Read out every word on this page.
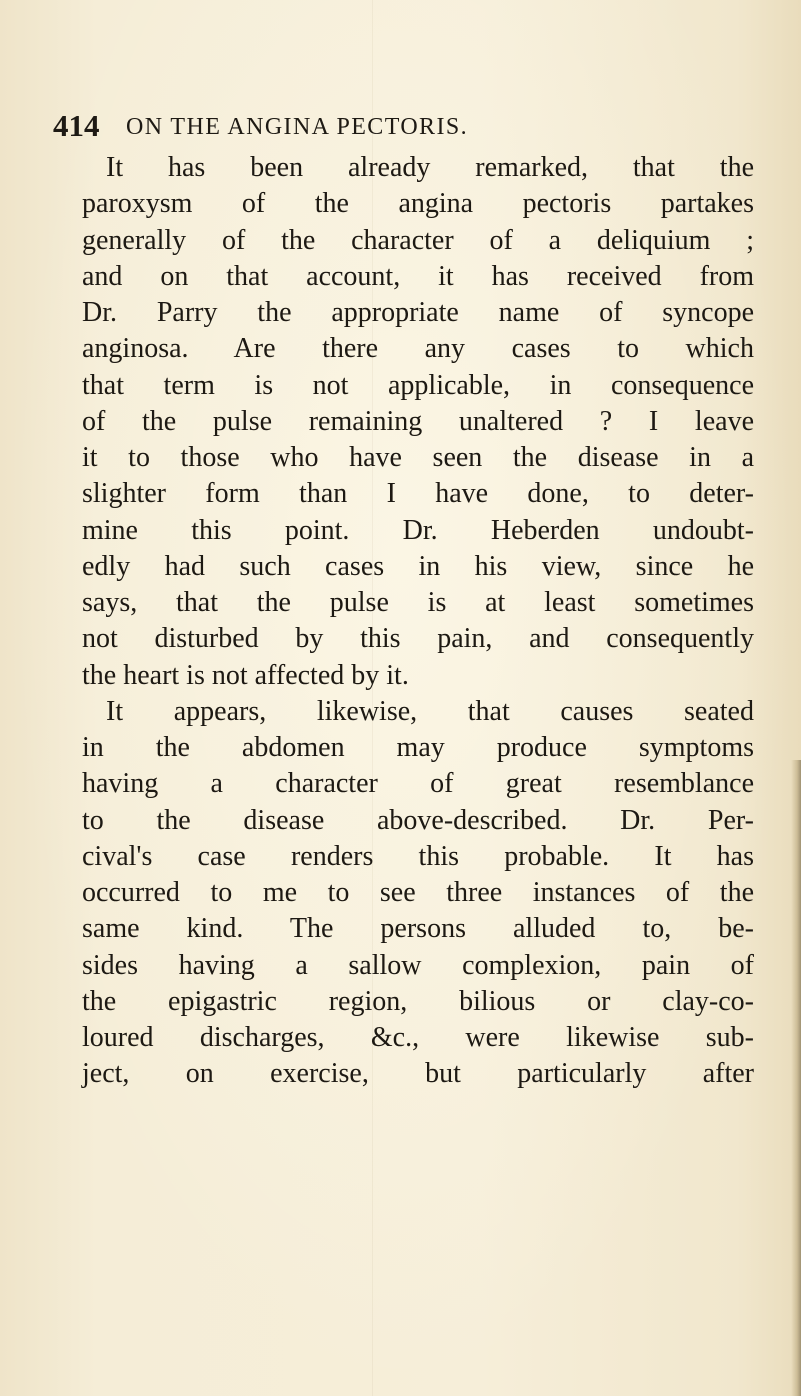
414 ON THE ANGINA PECTORIS.
It has been already remarked, that the
paroxysm of the angina pectoris partakes
generally of the character of a deliquium ;
and on that account, it has received from
Dr. Parry the appropriate name of syncope
anginosa. Are there any cases to which
that term is not applicable, in consequence
of the pulse remaining unaltered ? I leave
it to those who have seen the disease in a
slighter form than I have done, to deter-
mine this point. Dr. Heberden undoubt-
edly had such cases in his view, since he
says, that the pulse is at least sometimes
not disturbed by this pain, and consequently
the heart is not affected by it.
It appears, likewise, that causes seated
in the abdomen may produce symptoms
having a character of great resemblance
to the disease above-described. Dr. Per-
cival's case renders this probable. It has
occurred to me to see three instances of the
same kind. The persons alluded to, be-
sides having a sallow complexion, pain of
the epigastric region, bilious or clay-co-
loured discharges, &c., were likewise sub-
ject, on exercise, but particularly after
